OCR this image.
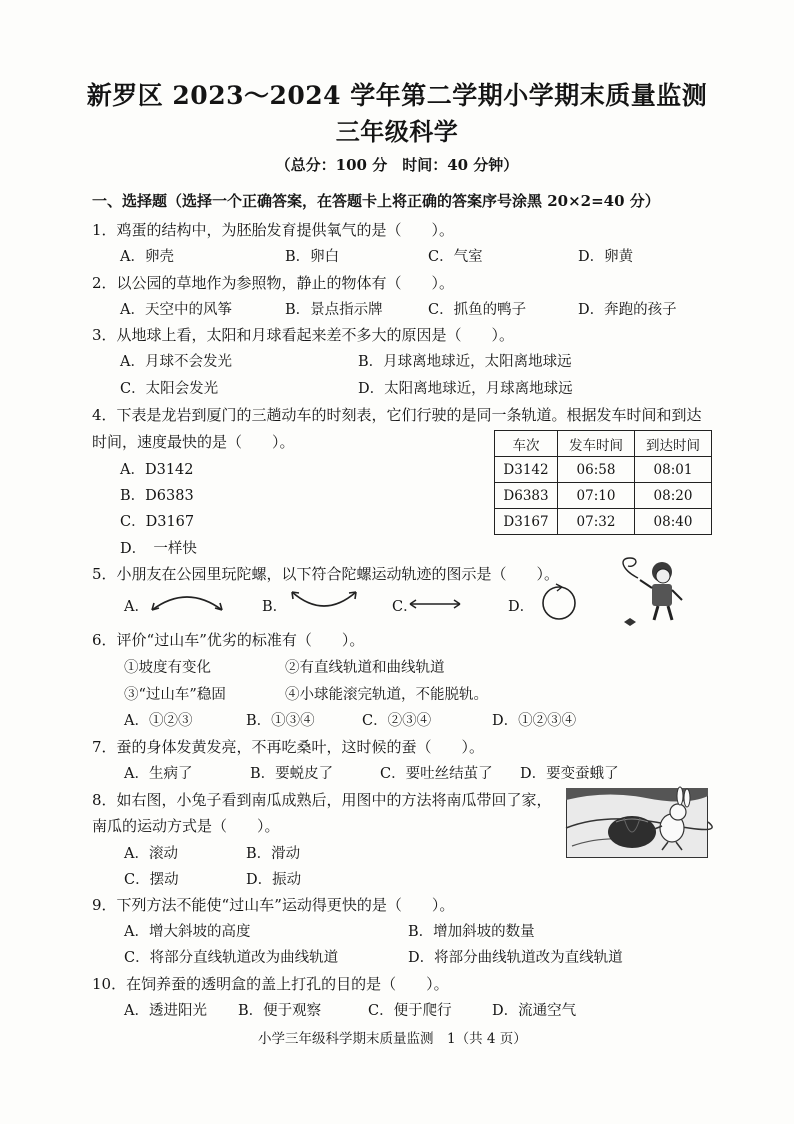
新罗区 2023～2024 学年第二学期小学期末质量监测
三年级科学
（总分：100 分　时间：40 分钟）
一、选择题（选择一个正确答案，在答题卡上将正确的答案序号涂黑 20×2=40 分）
1．鸡蛋的结构中，为胚胎发育提供氧气的是（　　）。
A．卵壳	B．卵白	C．气室	D．卵黄
2．以公园的草地作为参照物，静止的物体有（　　）。
A．天空中的风筝	B．景点指示牌	C．抓鱼的鸭子	D．奔跑的孩子
3．从地球上看，太阳和月球看起来差不多大的原因是（　　）。
A．月球不会发光	B．月球离地球近，太阳离地球远
C．太阳会发光	D．太阳离地球近，月球离地球远
4．下表是龙岩到厦门的三趟动车的时刻表，它们行驶的是同一条轨道。根据发车时间和到达
时间，速度最快的是（　　）。
A．D3142
B．D6383
C．D3167
D．　一样快
车次	发车时间	到达时间
D3142	06:58	08:01
D6383	07:10	08:20
D3167	07:32	08:40
5．小朋友在公园里玩陀螺，以下符合陀螺运动轨迹的图示是（　　）。
A．	B．	C．	D．
6．评价“过山车”优劣的标准有（　　）。
①坡度有变化	②有直线轨道和曲线轨道
③“过山车”稳固	④小球能滚完轨道，不能脱轨。
A．①②③	B．①③④	C．②③④	D．①②③④
7．蚕的身体发黄发亮，不再吃桑叶，这时候的蚕（　　）。
A．生病了	B．要蜕皮了	C．要吐丝结茧了 D．要变蚕蛾了
8．如右图，小兔子看到南瓜成熟后，用图中的方法将南瓜带回了家，
南瓜的运动方式是（　　）。
A．滚动	B．滑动
C．摆动	D．振动
9．下列方法不能使“过山车”运动得更快的是（　　）。
A．增大斜坡的高度	B．增加斜坡的数量
C．将部分直线轨道改为曲线轨道	D．将部分曲线轨道改为直线轨道
10．在饲养蚕的透明盒的盖上打孔的目的是（　　）。
A．透进阳光 B．便于观察	C．便于爬行	D．流通空气
小学三年级科学期末质量监测　1（共 4 页）
